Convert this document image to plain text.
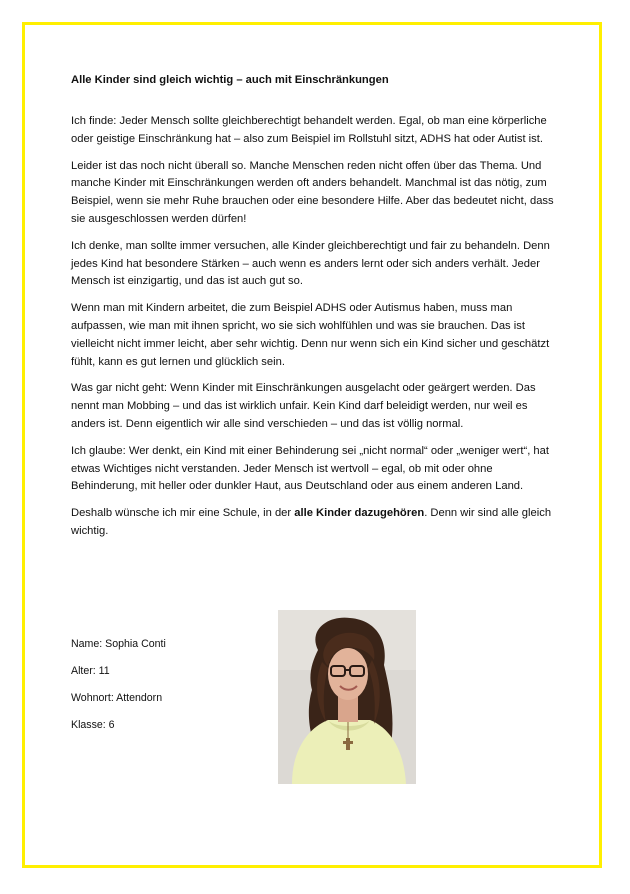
Alle Kinder sind gleich wichtig – auch mit Einschränkungen

Ich finde: Jeder Mensch sollte gleichberechtigt behandelt werden. Egal, ob man eine körperliche oder geistige Einschränkung hat – also zum Beispiel im Rollstuhl sitzt, ADHS hat oder Autist ist.

Leider ist das noch nicht überall so. Manche Menschen reden nicht offen über das Thema. Und manche Kinder mit Einschränkungen werden oft anders behandelt. Manchmal ist das nötig, zum Beispiel, wenn sie mehr Ruhe brauchen oder eine besondere Hilfe. Aber das bedeutet nicht, dass sie ausgeschlossen werden dürfen!

Ich denke, man sollte immer versuchen, alle Kinder gleichberechtigt und fair zu behandeln. Denn jedes Kind hat besondere Stärken – auch wenn es anders lernt oder sich anders verhält. Jeder Mensch ist einzigartig, und das ist auch gut so.

Wenn man mit Kindern arbeitet, die zum Beispiel ADHS oder Autismus haben, muss man aufpassen, wie man mit ihnen spricht, wo sie sich wohlfühlen und was sie brauchen. Das ist vielleicht nicht immer leicht, aber sehr wichtig. Denn nur wenn sich ein Kind sicher und geschätzt fühlt, kann es gut lernen und glücklich sein.

Was gar nicht geht: Wenn Kinder mit Einschränkungen ausgelacht oder geärgert werden. Das nennt man Mobbing – und das ist wirklich unfair. Kein Kind darf beleidigt werden, nur weil es anders ist. Denn eigentlich wir alle sind verschieden – und das ist völlig normal.

Ich glaube: Wer denkt, ein Kind mit einer Behinderung sei „nicht normal“ oder „weniger wert“, hat etwas Wichtiges nicht verstanden. Jeder Mensch ist wertvoll – egal, ob mit oder ohne Behinderung, mit heller oder dunkler Haut, aus Deutschland oder aus einem anderen Land.

Deshalb wünsche ich mir eine Schule, in der alle Kinder dazugehören. Denn wir sind alle gleich wichtig.

Name: Sophia Conti

Alter: 11

Wohnort: Attendorn

Klasse: 6
